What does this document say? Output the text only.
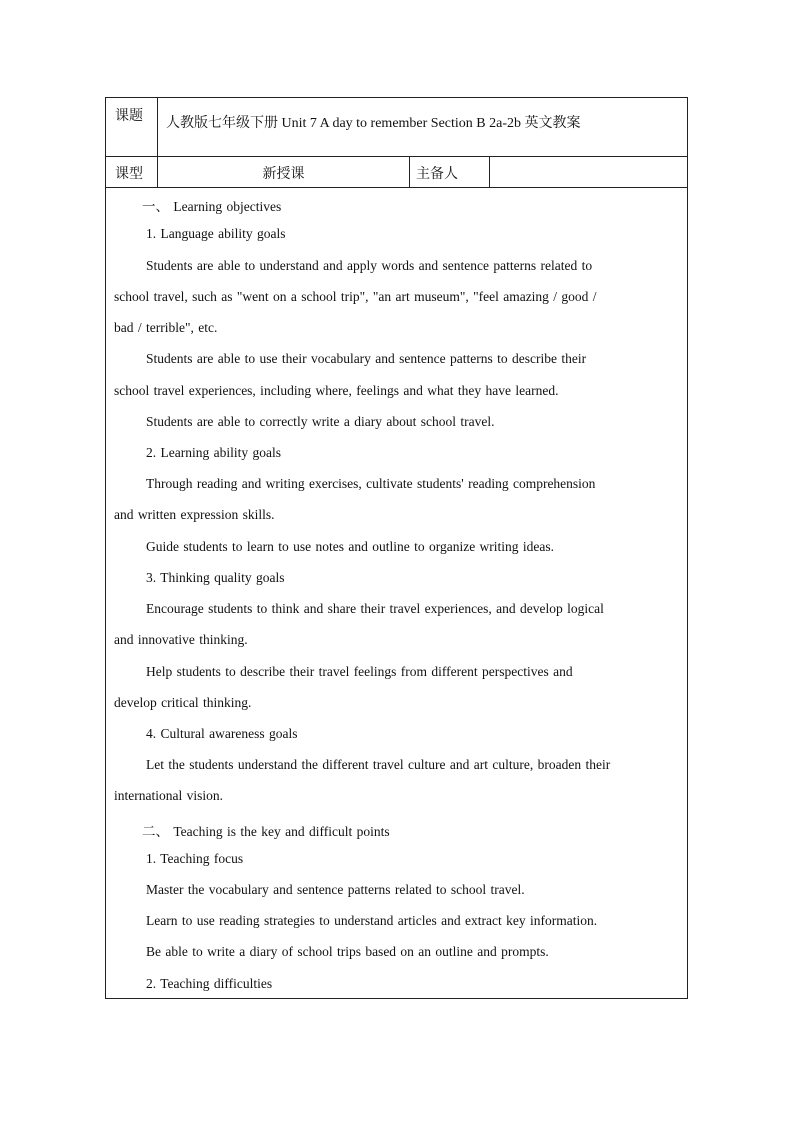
课题 人教版七年级下册 Unit 7 A day to remember Section B 2a-2b 英文教案
课型	新授课	主备人
一、 Learning objectives
1. Language ability goals
Students are able to understand and apply words and sentence patterns related to
school travel, such as "went on a school trip", "an art museum", "feel amazing / good /
bad / terrible", etc.
Students are able to use their vocabulary and sentence patterns to describe their
school travel experiences, including where, feelings and what they have learned.
Students are able to correctly write a diary about school travel.
2. Learning ability goals
Through reading and writing exercises, cultivate students' reading comprehension
and written expression skills.
Guide students to learn to use notes and outline to organize writing ideas.
3. Thinking quality goals
Encourage students to think and share their travel experiences, and develop logical
and innovative thinking.
Help students to describe their travel feelings from different perspectives and
develop critical thinking.
4. Cultural awareness goals
Let the students understand the different travel culture and art culture, broaden their
international vision.
二、 Teaching is the key and difficult points
1. Teaching focus
Master the vocabulary and sentence patterns related to school travel.
Learn to use reading strategies to understand articles and extract key information.
Be able to write a diary of school trips based on an outline and prompts.
2. Teaching difficulties
